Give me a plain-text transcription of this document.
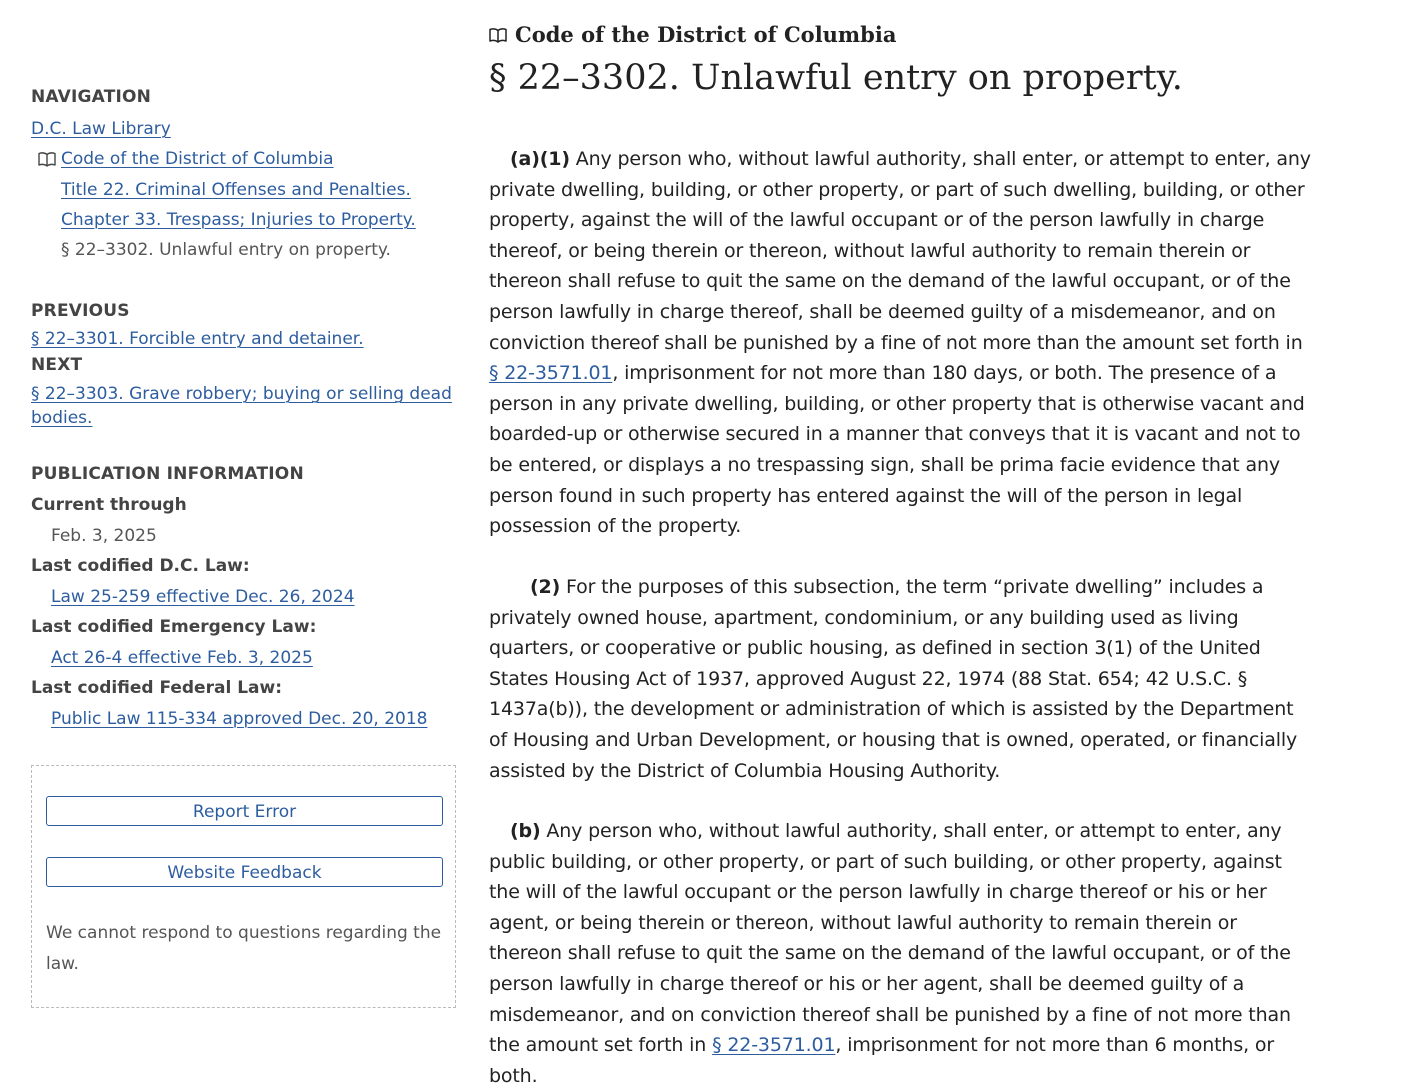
NAVIGATION
D.C. Law Library
Code of the District of Columbia
Title 22. Criminal Offenses and Penalties.
Chapter 33. Trespass; Injuries to Property.
§ 22–3302. Unlawful entry on property.
PREVIOUS
§ 22–3301. Forcible entry and detainer.
NEXT
§ 22–3303. Grave robbery; buying or selling dead
bodies.
PUBLICATION INFORMATION
Current through
Feb. 3, 2025
Last codified D.C. Law:
Law 25-259 effective Dec. 26, 2024
Last codified Emergency Law:
Act 26-4 effective Feb. 3, 2025
Last codified Federal Law:
Public Law 115-334 approved Dec. 20, 2018
Report Error
Website Feedback
We cannot respond to questions regarding the law.
Code of the District of Columbia
§ 22–3302. Unlawful entry on property.

(a)(1) Any person who, without lawful authority, shall enter, or attempt to enter, any private dwelling, building, or other property, or part of such dwelling, building, or other property, against the will of the lawful occupant or of the person lawfully in charge thereof, or being therein or thereon, without lawful authority to remain therein or thereon shall refuse to quit the same on the demand of the lawful occupant, or of the person lawfully in charge thereof, shall be deemed guilty of a misdemeanor, and on conviction thereof shall be punished by a fine of not more than the amount set forth in § 22-3571.01, imprisonment for not more than 180 days, or both. The presence of a person in any private dwelling, building, or other property that is otherwise vacant and boarded-up or otherwise secured in a manner that conveys that it is vacant and not to be entered, or displays a no trespassing sign, shall be prima facie evidence that any person found in such property has entered against the will of the person in legal possession of the property.

(2) For the purposes of this subsection, the term “private dwelling” includes a privately owned house, apartment, condominium, or any building used as living quarters, or cooperative or public housing, as defined in section 3(1) of the United States Housing Act of 1937, approved August 22, 1974 (88 Stat. 654; 42 U.S.C. § 1437a(b)), the development or administration of which is assisted by the Department of Housing and Urban Development, or housing that is owned, operated, or financially assisted by the District of Columbia Housing Authority.

(b) Any person who, without lawful authority, shall enter, or attempt to enter, any public building, or other property, or part of such building, or other property, against the will of the lawful occupant or the person lawfully in charge thereof or his or her agent, or being therein or thereon, without lawful authority to remain therein or thereon shall refuse to quit the same on the demand of the lawful occupant, or of the person lawfully in charge thereof or his or her agent, shall be deemed guilty of a misdemeanor, and on conviction thereof shall be punished by a fine of not more than the amount set forth in § 22-3571.01, imprisonment for not more than 6 months, or both.
